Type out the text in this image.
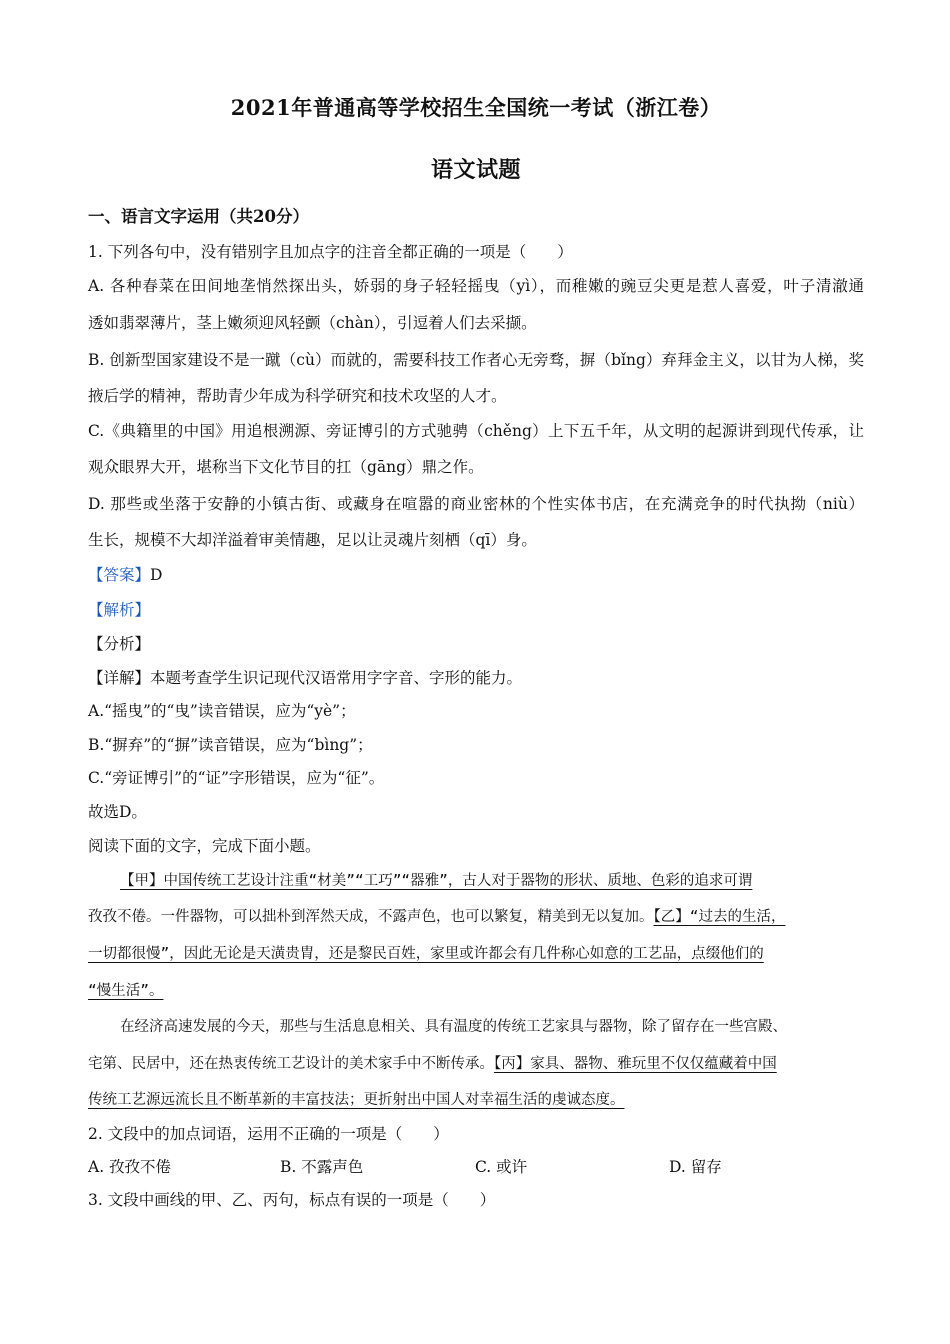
2021年普通高等学校招生全国统一考试（浙江卷）
语文试题
一、语言文字运用（共20分）
1. 下列各句中，没有错别字且加点字的注音全都正确的一项是（　　）
A. 各种春菜在田间地垄悄然探出头，娇弱的身子轻轻摇曳（yì），而稚嫩的豌豆尖更是惹人喜爱，叶子清澈通
透如翡翠薄片，茎上嫩须迎风轻颤（chàn），引逗着人们去采撷。
B. 创新型国家建设不是一蹴（cù）而就的，需要科技工作者心无旁骛，摒（bǐng）弃拜金主义，以甘为人梯，奖
掖后学的精神，帮助青少年成为科学研究和技术攻坚的人才。
C.《典籍里的中国》用追根溯源、旁证博引的方式驰骋（chěng）上下五千年，从文明的起源讲到现代传承，让
观众眼界大开，堪称当下文化节目的扛（gāng）鼎之作。
D. 那些或坐落于安静的小镇古街、或藏身在喧嚣的商业密林的个性实体书店，在充满竞争的时代执拗（niù）
生长，规模不大却洋溢着审美情趣，足以让灵魂片刻栖（qī）身。
【答案】D
【解析】
【分析】
【详解】本题考查学生识记现代汉语常用字字音、字形的能力。
A.“摇曳”的“曳”读音错误，应为“yè”；
B.“摒弃”的“摒”读音错误，应为“bìng”；
C.“旁证博引”的“证”字形错误，应为“征”。
故选D。
阅读下面的文字，完成下面小题。
【甲】中国传统工艺设计注重“材美”“工巧”“器雅”，古人对于器物的形状、质地、色彩的追求可谓
孜孜不倦。一件器物，可以拙朴到浑然天成，不露声色，也可以繁复，精美到无以复加。【乙】“过去的生活，
一切都很慢”，因此无论是天潢贵胄，还是黎民百姓，家里或许都会有几件称心如意的工艺品，点缀他们的
“慢生活”。
在经济高速发展的今天，那些与生活息息相关、具有温度的传统工艺家具与器物，除了留存在一些宫殿、
宅第、民居中，还在热衷传统工艺设计的美术家手中不断传承。【丙】家具、器物、雅玩里不仅仅蕴藏着中国
传统工艺源远流长且不断革新的丰富技法；更折射出中国人对幸福生活的虔诚态度。
2. 文段中的加点词语，运用不正确的一项是（　　）
A. 孜孜不倦	B. 不露声色	C. 或许	D. 留存
3. 文段中画线的甲、乙、丙句，标点有误的一项是（　　）
